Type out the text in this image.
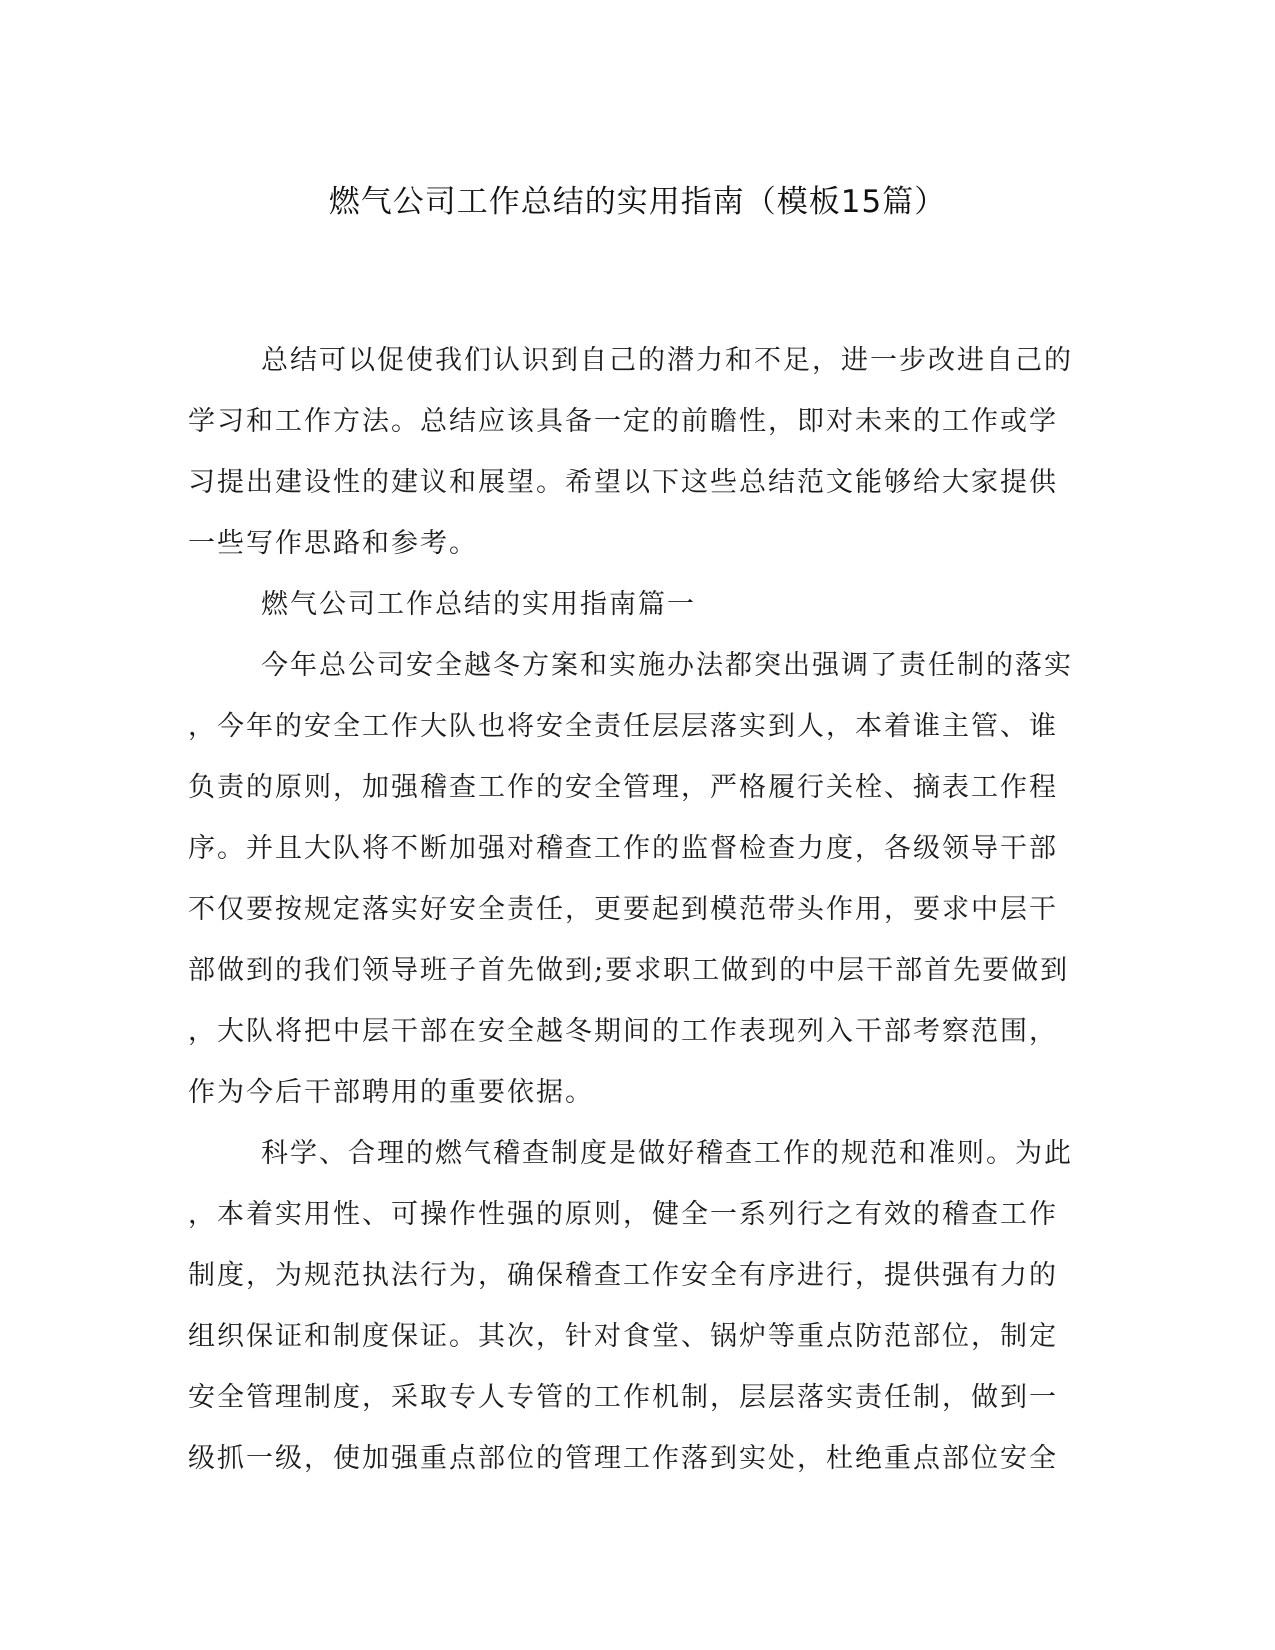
燃气公司工作总结的实用指南（模板15篇）
总结可以促使我们认识到自己的潜力和不足，进一步改进自己的
学习和工作方法。总结应该具备一定的前瞻性，即对未来的工作或学
习提出建设性的建议和展望。希望以下这些总结范文能够给大家提供
一些写作思路和参考。
燃气公司工作总结的实用指南篇一
今年总公司安全越冬方案和实施办法都突出强调了责任制的落实
，今年的安全工作大队也将安全责任层层落实到人，本着谁主管、谁
负责的原则，加强稽查工作的安全管理，严格履行关栓、摘表工作程
序。并且大队将不断加强对稽查工作的监督检查力度，各级领导干部
不仅要按规定落实好安全责任，更要起到模范带头作用，要求中层干
部做到的我们领导班子首先做到;要求职工做到的中层干部首先要做到
，大队将把中层干部在安全越冬期间的工作表现列入干部考察范围，
作为今后干部聘用的重要依据。
科学、合理的燃气稽查制度是做好稽查工作的规范和准则。为此
，本着实用性、可操作性强的原则，健全一系列行之有效的稽查工作
制度，为规范执法行为，确保稽查工作安全有序进行，提供强有力的
组织保证和制度保证。其次，针对食堂、锅炉等重点防范部位，制定
安全管理制度，采取专人专管的工作机制，层层落实责任制，做到一
级抓一级，使加强重点部位的管理工作落到实处，杜绝重点部位安全
